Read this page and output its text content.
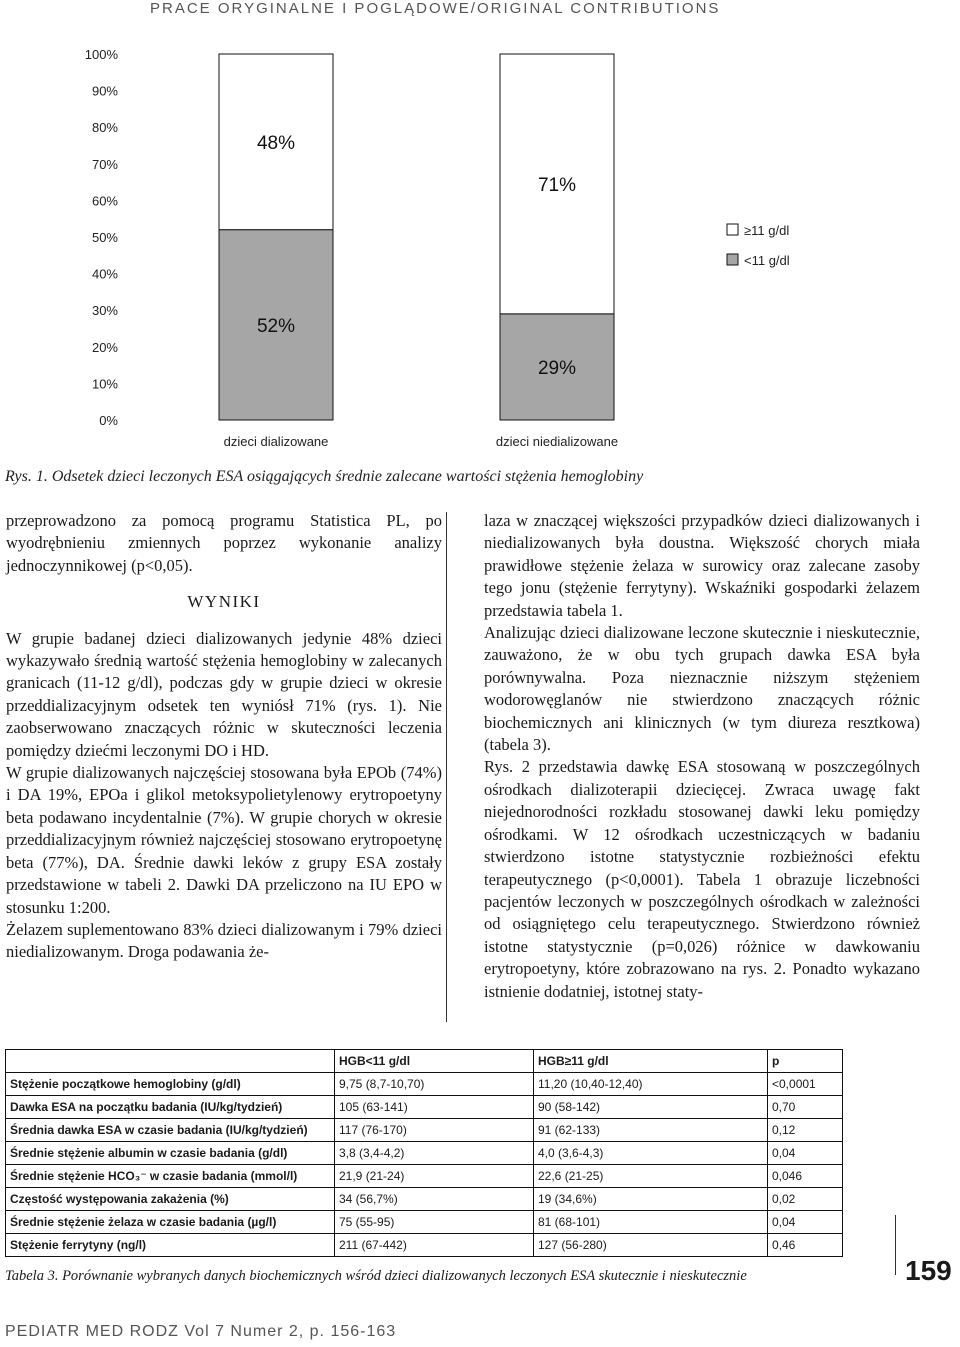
PRACE ORYGINALNE I POGLĄDOWE/ORIGINAL CONTRIBUTIONS
0%
10%
20%
30%
40%
50%
60%
70%
80%
90%
100%
52%
48%
dzieci dializowane
29%
71%
dzieci niedializowane
≥11 g/dl
<11 g/dl
Rys. 1. Odsetek dzieci leczonych ESA osiągających średnie zalecane wartości stężenia hemoglobiny

przeprowadzono za pomocą programu Statistica PL, po wyodrębnieniu zmiennych poprzez wykonanie analizy jednoczynnikowej (p<0,05).

WYNIKI

W grupie badanej dzieci dializowanych jedynie 48% dzieci wykazywało średnią wartość stężenia hemoglobiny w zalecanych granicach (11-12 g/dl), podczas gdy w grupie dzieci w okresie przeddializacyjnym odsetek ten wyniósł 71% (rys. 1). Nie zaobserwowano znaczących różnic w skuteczności leczenia pomiędzy dziećmi leczonymi DO i HD.

W grupie dializowanych najczęściej stosowana była EPOb (74%) i DA 19%, EPOa i glikol metoksypolietylenowy erytropoetyny beta podawano incydentalnie (7%). W grupie chorych w okresie przeddializacyjnym również najczęściej stosowano erytropoetynę beta (77%), DA. Średnie dawki leków z grupy ESA zostały przedstawione w tabeli 2. Dawki DA przeliczono na IU EPO w stosunku 1:200.

Żelazem suplementowano 83% dzieci dializowanym i 79% dzieci niedializowanym. Droga podawania że-

laza w znaczącej większości przypadków dzieci dializowanych i niedializowanych była doustna. Większość chorych miała prawidłowe stężenie żelaza w surowicy oraz zalecane zasoby tego jonu (stężenie ferrytyny). Wskaźniki gospodarki żelazem przedstawia tabela 1.

Analizując dzieci dializowane leczone skutecznie i nieskutecznie, zauważono, że w obu tych grupach dawka ESA była porównywalna. Poza nieznacznie niższym stężeniem wodorowęglanów nie stwierdzono znaczących różnic biochemicznych ani klinicznych (w tym diureza resztkowa) (tabela 3).

Rys. 2 przedstawia dawkę ESA stosowaną w poszczególnych ośrodkach dializoterapii dziecięcej. Zwraca uwagę fakt niejednorodności rozkładu stosowanej dawki leku pomiędzy ośrodkami. W 12 ośrodkach uczestniczących w badaniu stwierdzono istotne statystycznie rozbieżności efektu terapeutycznego (p<0,0001). Tabela 1 obrazuje liczebności pacjentów leczonych w poszczególnych ośrodkach w zależności od osiągniętego celu terapeutycznego. Stwierdzono również istotne statystycznie (p=0,026) różnice w dawkowaniu erytropoetyny, które zobrazowano na rys. 2. Ponadto wykazano istnienie dodatniej, istotnej staty-

	HGB<11 g/dl	HGB≥11 g/dl	p
Stężenie początkowe hemoglobiny (g/dl)	9,75 (8,7-10,70)	11,20 (10,40-12,40)	<0,0001
Dawka ESA na początku badania (IU/kg/tydzień)	105 (63-141)	90 (58-142)	0,70
Średnia dawka ESA w czasie badania (IU/kg/tydzień)	117 (76-170)	91 (62-133)	0,12
Średnie stężenie albumin w czasie badania (g/dl)	3,8 (3,4-4,2)	4,0 (3,6-4,3)	0,04
Średnie stężenie HCO₃⁻ w czasie badania (mmol/l)	21,9 (21-24)	22,6 (21-25)	0,046
Częstość występowania zakażenia (%)	34 (56,7%)	19 (34,6%)	0,02
Średnie stężenie żelaza w czasie badania (µg/l)	75 (55-95)	81 (68-101)	0,04
Stężenie ferrytyny (ng/l)	211 (67-442)	127 (56-280)	0,46
Tabela 3. Porównanie wybranych danych biochemicznych wśród dzieci dializowanych leczonych ESA skutecznie i nieskutecznie	159
PEDIATR MED RODZ Vol 7 Numer 2, p. 156-163
